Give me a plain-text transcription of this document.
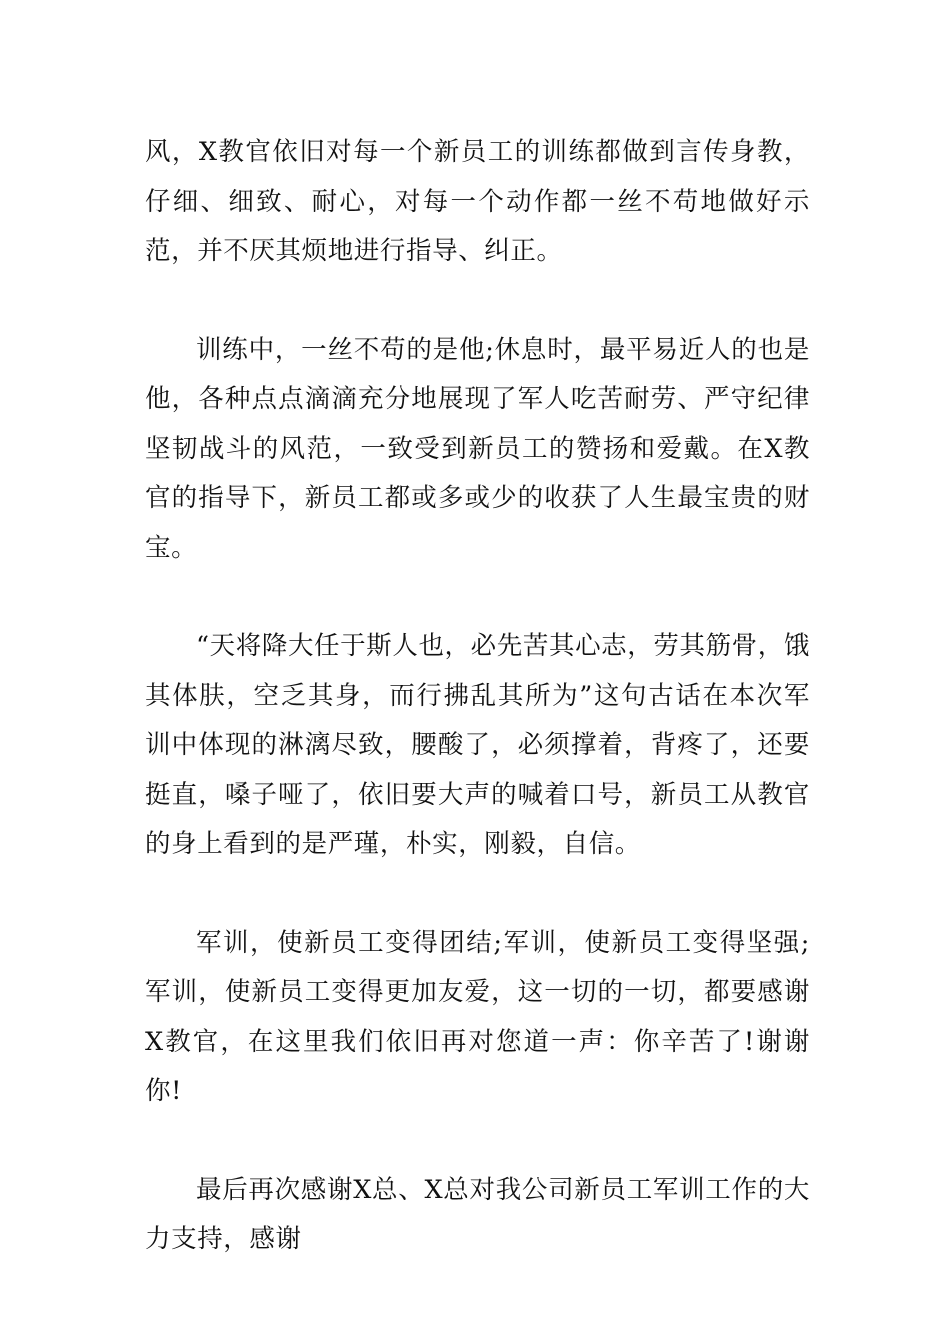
风，X教官依旧对每一个新员工的训练都做到言传身教，仔细、细致、耐心，对每一个动作都一丝不苟地做好示范，并不厌其烦地进行指导、纠正。

训练中，一丝不苟的是他;休息时，最平易近人的也是他，各种点点滴滴充分地展现了军人吃苦耐劳、严守纪律坚韧战斗的风范，一致受到新员工的赞扬和爱戴。在X教官的指导下，新员工都或多或少的收获了人生最宝贵的财宝。

“天将降大任于斯人也，必先苦其心志，劳其筋骨，饿其体肤，空乏其身，而行拂乱其所为”这句古话在本次军训中体现的淋漓尽致，腰酸了，必须撑着，背疼了，还要挺直，嗓子哑了，依旧要大声的喊着口号，新员工从教官的身上看到的是严瑾，朴实，刚毅，自信。

军训，使新员工变得团结;军训，使新员工变得坚强;军训，使新员工变得更加友爱，这一切的一切，都要感谢X教官，在这里我们依旧再对您道一声：你辛苦了!谢谢你!

最后再次感谢X总、X总对我公司新员工军训工作的大力支持，感谢
